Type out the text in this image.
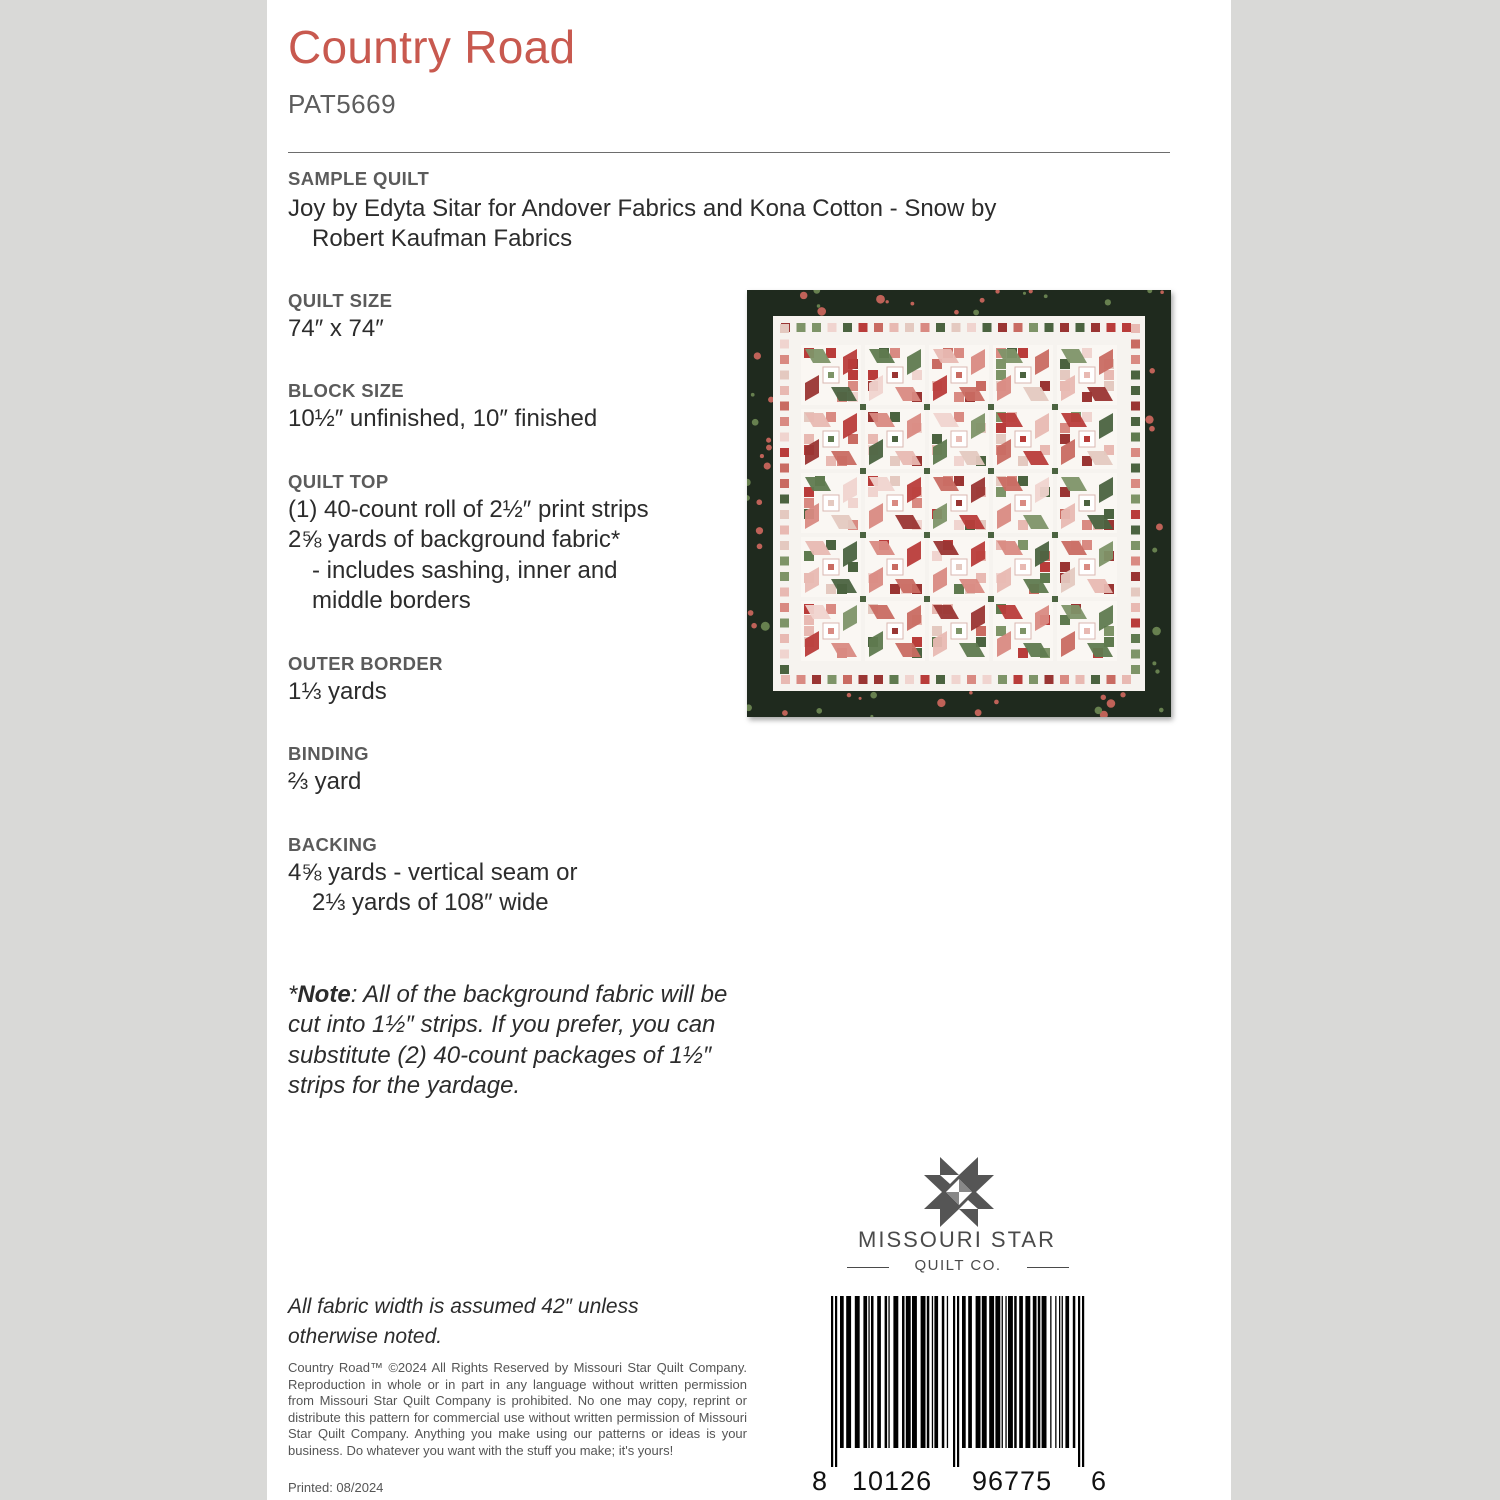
Country Road
PAT5669
SAMPLE QUILT
Joy by Edyta Sitar for Andover Fabrics and Kona Cotton - Snow by
Robert Kaufman Fabrics
QUILT SIZE
74″ x 74″
BLOCK SIZE
10½″ unfinished, 10″ finished
QUILT TOP
(1) 40-count roll of 2½″ print strips
2⅝ yards of background fabric*
- includes sashing, inner and
middle borders
OUTER BORDER
1⅓ yards
BINDING
⅔ yard
BACKING
4⅝ yards - vertical seam or
2⅓ yards of 108″ wide
*Note: All of the background fabric will be cut into 1½″ strips. If you prefer, you can substitute (2) 40-count packages of 1½″ strips for the yardage.
All fabric width is assumed 42″ unless otherwise noted.
Country Road™ ©2024 All Rights Reserved by Missouri Star Quilt Company. Reproduction in whole or in part in any language without written permission from Missouri Star Quilt Company is prohibited. No one may copy, reprint or distribute this pattern for commercial use without written permission of Missouri Star Quilt Company. Anything you make using our patterns or ideas is your business. Do whatever you want with the stuff you make; it's yours!
Printed: 08/2024
MISSOURI STAR
QUILT CO.
8 10126 96775 6
